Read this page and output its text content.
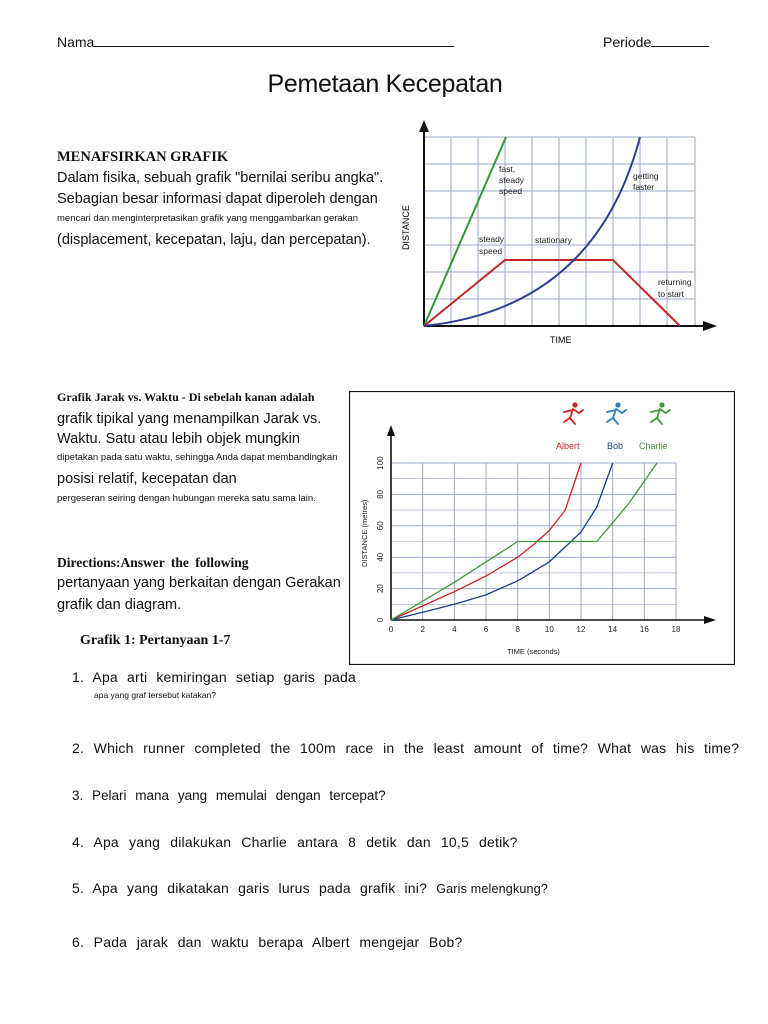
Nama	Periode
Pemetaan Kecepatan
MENAFSIRKAN GRAFIK
Dalam fisika, sebuah grafik "bernilai seribu angka".
Sebagian besar informasi dapat diperoleh dengan
mencari dan menginterpretasikan grafik yang menggambarkan gerakan
(displacement, kecepatan, laju, dan percepatan).
fast,
steady
speed
getting
faster
steady
speed
stationary
returning
to start
TIME
DISTANCE
Grafik Jarak vs. Waktu - Di sebelah kanan adalah
grafik tipikal yang menampilkan Jarak vs.
Waktu. Satu atau lebih objek mungkin
dipetakan pada satu waktu, sehingga Anda dapat membandingkan
posisi relatif, kecepatan dan
pergeseran seiring dengan hubungan mereka satu sama lain.
Directions:Answer the following
pertanyaan yang berkaitan dengan Gerakan
grafik dan diagram.
Grafik 1: Pertanyaan 1-7
0	2	4	6	8	10	12	14	16	18
0
20
40
60
80
100
Albert	Bob Charlie
TIME (seconds)
DISTANCE (metres)
1. Apa arti kemiringan setiap garis pada
apa yang graf tersebut katakan?
2. Which runner completed the 100m race in the least amount of time? What was his time?
3. Pelari mana yang memulai dengan tercepat?
4. Apa yang dilakukan Charlie antara 8 detik dan 10,5 detik?
5. Apa yang dikatakan garis lurus pada grafik ini? Garis melengkung?
6. Pada jarak dan waktu berapa Albert mengejar Bob?
